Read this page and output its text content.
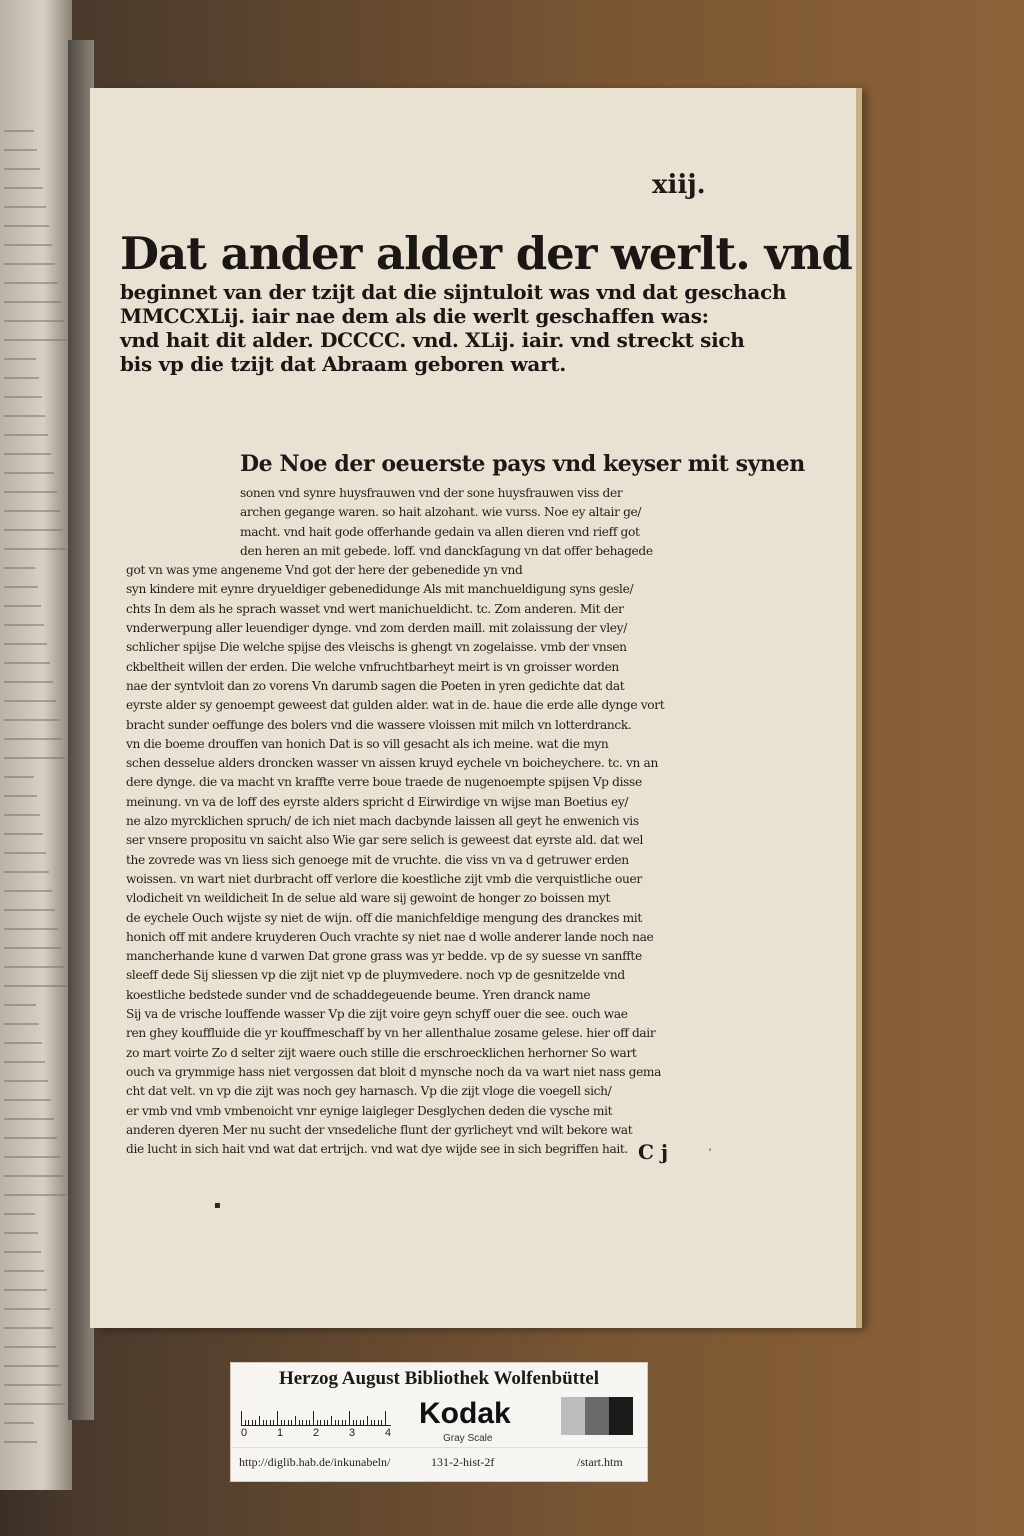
xiij.
Dat ander alder der werlt. vnd
beginnet van der tzijt dat die sijntuloit was vnd dat geschach
MMCCXLij. iair nae dem als die werlt geschaffen was:
vnd hait dit alder. DCCCC. vnd. XLij. iair. vnd streckt sich
bis vp die tzijt dat Abraam geboren wart.
De Noe der oeuerste pays vnd keyser mit synen
sonen vnd synre huysfrauwen vnd der sone huysfrauwen viss der
archen gegange waren. so hait alzohant. wie vurss. Noe ey altair ge/
macht. vnd hait gode offerhande gedain va allen dieren vnd rieff got
den heren an mit gebede. loff. vnd danckſagung vn dat offer behagede
got vn was yme angeneme Vnd got der here der gebenedide yn vnd
syn kindere mit eynre dryueldiger gebenedidunge Als mit manchueldigung syns gesle/
chts In dem als he sprach wasset vnd wert manichueldicht. tc. Zom anderen. Mit der
vnderwerpung aller leuendiger dynge. vnd zom derden maill. mit zolaissung der vley/
schlicher spijse Die welche spijse des vleischs is ghengt vn zogelaisse. vmb der vnsen
ckbeltheit willen der erden. Die welche vnfruchtbarheyt meirt is vn groisser worden
nae der syntvloit dan zo vorens Vn darumb sagen die Poeten in yren gedichte dat dat
eyrste alder sy genoempt geweest dat gulden alder. wat in de. haue die erde alle dynge vort
bracht sunder oeffunge des bolers vnd die wassere vloissen mit milch vn lotterdranck.
vn die boeme drouffen van honich Dat is so vill gesacht als ich meine. wat die myn
schen desselue alders droncken wasser vn aissen kruyd eychele vn boicheychere. tc. vn an
dere dynge. die va macht vn kraffte verre boue traede de nugenoempte spijsen Vp disse
meinung. vn va de loff des eyrste alders spricht d Eirwirdige vn wijse man Boetius ey/
ne alzo myrcklichen spruch/ de ich niet mach dacbynde laissen all geyt he enwenich vis
ser vnsere propositu vn saicht also Wie gar sere selich is geweest dat eyrste ald. dat wel
the zovrede was vn liess sich genoege mit de vruchte. die viss vn va d getruwer erden
woissen. vn wart niet durbracht off verlore die koestliche zijt vmb die verquistliche ouer
vlodicheit vn weildicheit In de selue ald ware sij gewoint de honger zo boissen myt
de eychele Ouch wijste sy niet de wijn. off die manichfeldige mengung des dranckes mit
honich off mit andere kruyderen Ouch vrachte sy niet nae d wolle anderer lande noch nae
mancherhande kune d varwen Dat grone grass was yr bedde. vp de sy suesse vn sanffte
sleeff dede Sij sliessen vp die zijt niet vp de pluymvedere. noch vp de gesnitzelde vnd
koestliche bedstede sunder vnd de schaddegeuende beume. Yren dranck name
Sij va de vrische louffende wasser Vp die zijt voire geyn schyff ouer die see. ouch wae
ren ghey kouffluide die yr kouffmeschaff by vn her allenthalue zosame gelese. hier off dair
zo mart voirte Zo d selter zijt waere ouch stille die erschroecklichen herhorner So wart
ouch va grymmige hass niet vergossen dat bloit d mynsche noch da va wart niet nass gema
cht dat velt. vn vp die zijt was noch gey harnasch. Vp die zijt vloge die voegell sich/
er vmb vnd vmb vmbenoicht vnr eynige laigleger Desglychen deden die vysche mit
anderen dyeren Mer nu sucht der vnsedeliche flunt der gyrlicheyt vnd wilt bekore wat
die lucht in sich hait vnd wat dat ertrijch. vnd wat dye wijde see in sich begriffen hait. C j
▪
ʼ
Herzog August Bibliothek Wolfenbüttel
0	1	2	3	4
Kodak
Gray Scale
http://diglib.hab.de/inkunabeln/	131-2-hist-2f	/start.htm
